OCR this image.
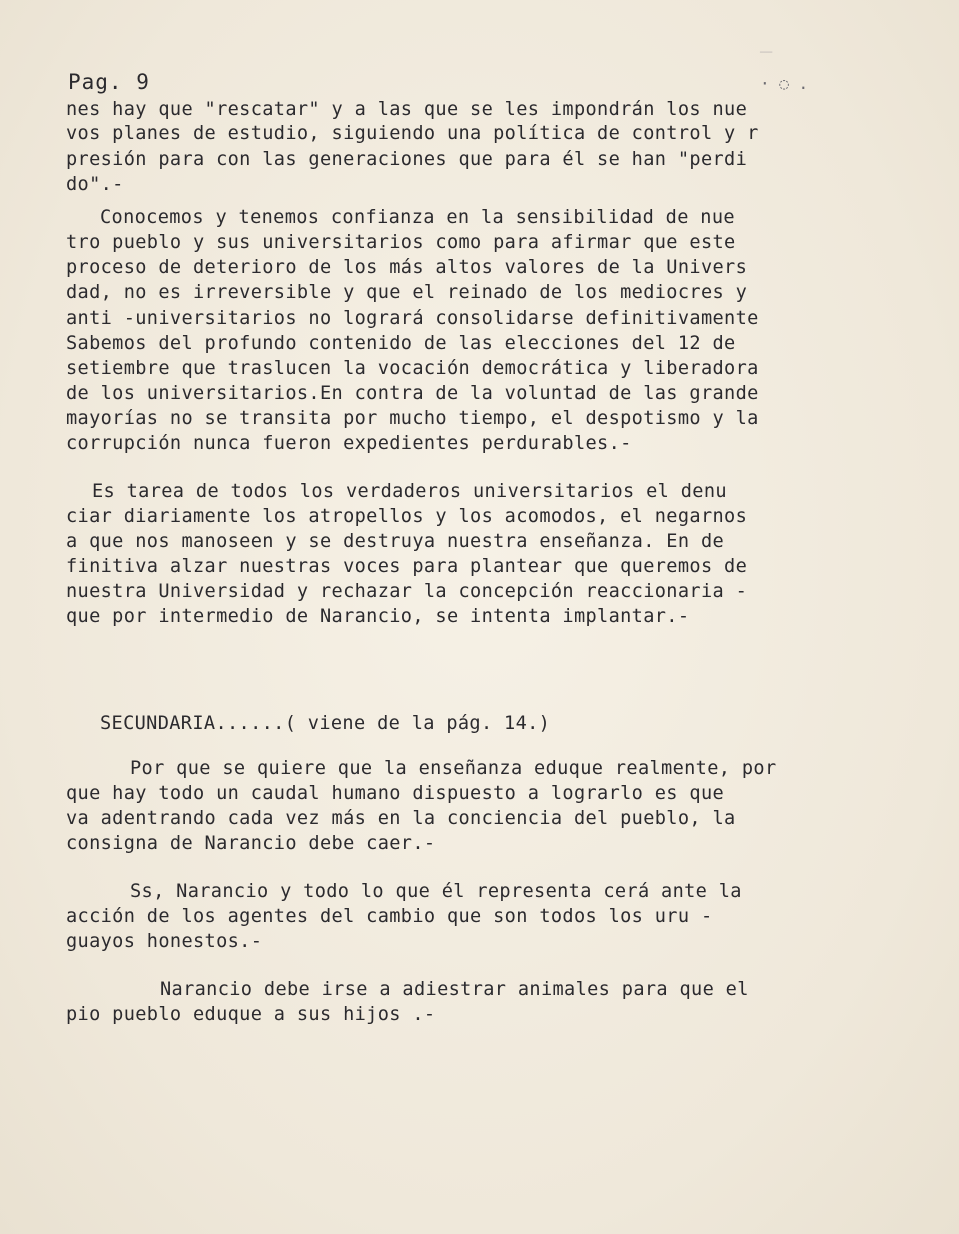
─
Pag. 9	· ◌ .
nes hay que "rescatar" y a las que se les impondrán los nue
vos planes de estudio, siguiendo una política de control y r
presión para con las generaciones que para él se han "perdi
do".-
Conocemos y tenemos confianza en la sensibilidad de nue
tro pueblo y sus universitarios como para afirmar que este
proceso de deterioro de los más altos valores de la Univers
dad, no es irreversible y que el reinado de los mediocres y
anti -universitarios no logrará consolidarse definitivamente
Sabemos del profundo contenido de las elecciones del 12 de
setiembre que traslucen la vocación democrática y liberadora
de los universitarios.En contra de la voluntad de las grande
mayorías no se transita por mucho tiempo, el despotismo y la
corrupción nunca fueron expedientes perdurables.-
Es tarea de todos los verdaderos universitarios el denu
ciar diariamente los atropellos y los acomodos, el negarnos
a que nos manoseen y se destruya nuestra enseñanza. En de
finitiva alzar nuestras voces para plantear que queremos de
nuestra Universidad y rechazar la concepción reaccionaria -
que por intermedio de Narancio, se intenta implantar.-
SECUNDARIA......( viene de la pág. 14.)
Por que se quiere que la enseñanza eduque realmente, por
que hay todo un caudal humano dispuesto a lograrlo es que
va adentrando cada vez más en la conciencia del pueblo, la
consigna de Narancio debe caer.-
Ss, Narancio y todo lo que él representa cerá ante la
acción de los agentes del cambio que son todos los uru -
guayos honestos.-
Narancio debe irse a adiestrar animales para que el
pio pueblo eduque a sus hijos .-
